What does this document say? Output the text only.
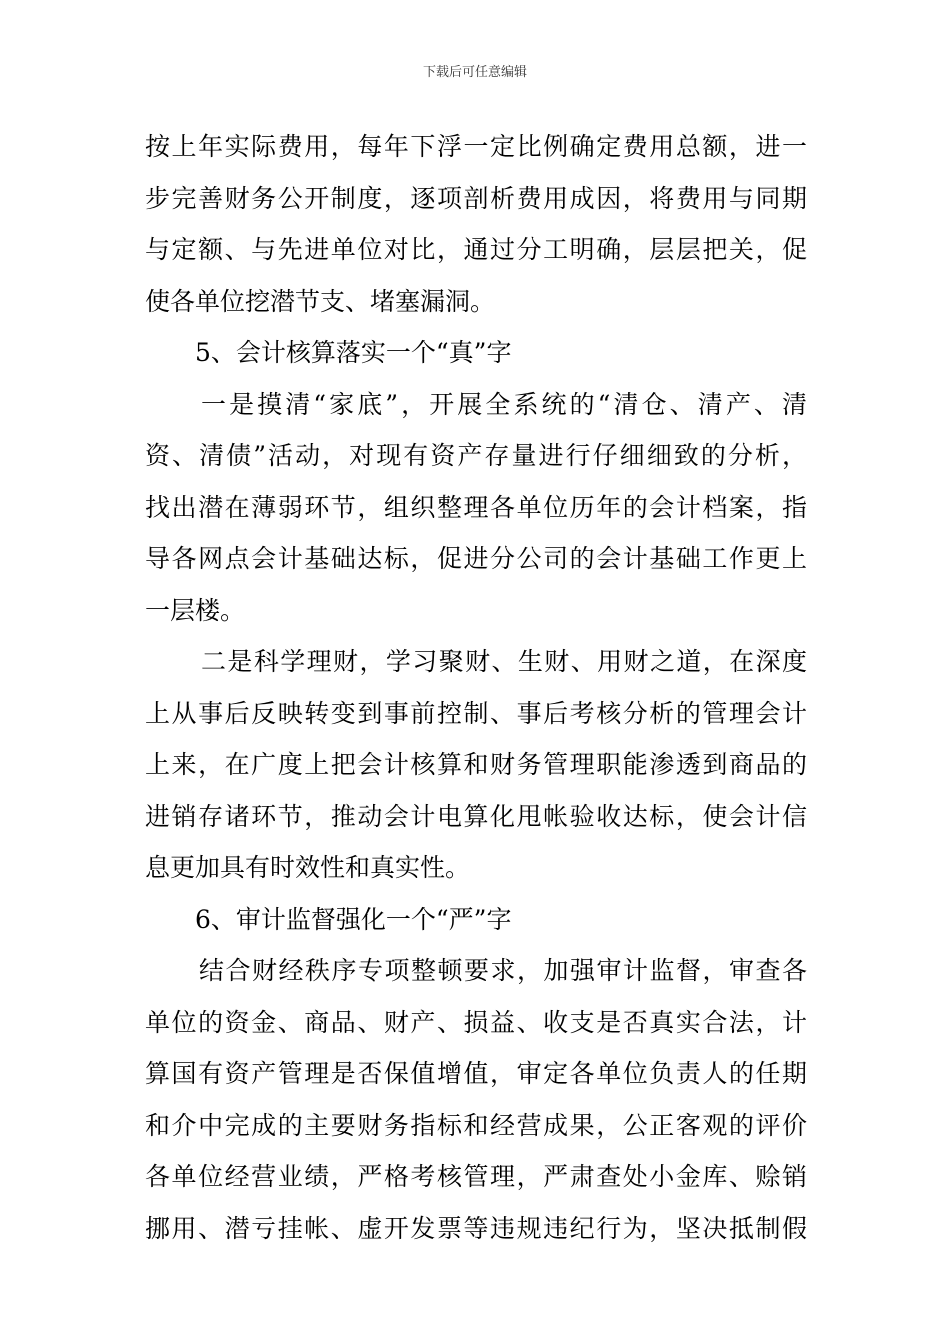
下载后可任意编辑
按上年实际费用，每年下浮一定比例确定费用总额，进一
步完善财务公开制度，逐项剖析费用成因，将费用与同期
与定额、与先进单位对比，通过分工明确，层层把关，促
使各单位挖潜节支、堵塞漏洞。
5、会计核算落实一个“真”字
一是摸清“家底”，开展全系统的“清仓、清产、清
资、清债”活动，对现有资产存量进行仔细细致的分析，
找出潜在薄弱环节，组织整理各单位历年的会计档案，指
导各网点会计基础达标，促进分公司的会计基础工作更上
一层楼。
二是科学理财，学习聚财、生财、用财之道，在深度
上从事后反映转变到事前控制、事后考核分析的管理会计
上来，在广度上把会计核算和财务管理职能渗透到商品的
进销存诸环节，推动会计电算化甩帐验收达标，使会计信
息更加具有时效性和真实性。
6、审计监督强化一个“严”字
结合财经秩序专项整顿要求，加强审计监督，审查各
单位的资金、商品、财产、损益、收支是否真实合法，计
算国有资产管理是否保值增值，审定各单位负责人的任期
和介中完成的主要财务指标和经营成果，公正客观的评价
各单位经营业绩，严格考核管理，严肃查处小金库、赊销
挪用、潜亏挂帐、虚开发票等违规违纪行为，坚决抵制假
